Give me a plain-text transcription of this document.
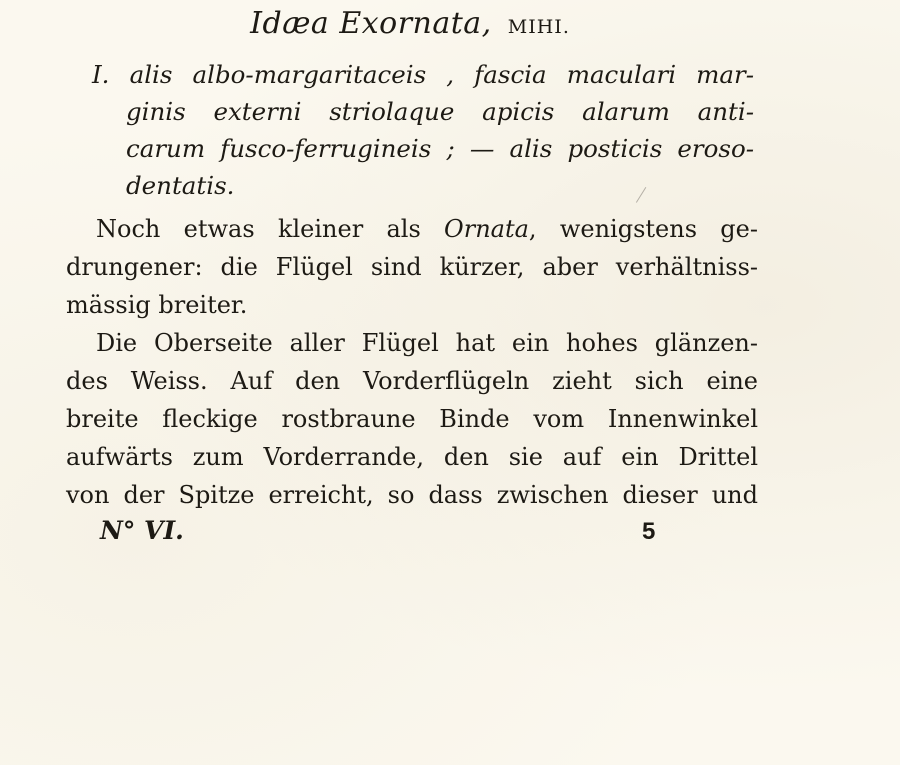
Idæa Exornata, MIHI.
I. alis albo-margaritaceis , fascia maculari mar-
ginis externi striolaque apicis alarum anti-
carum fusco-ferrugineis ; — alis posticis eroso-
dentatis.
Noch etwas kleiner als Ornata, wenigstens ge-
drungener: die Flügel sind kürzer, aber verhältniss-
mässig breiter.
Die Oberseite aller Flügel hat ein hohes glänzen-
des Weiss. Auf den Vorderflügeln zieht sich eine
breite fleckige rostbraune Binde vom Innenwinkel
aufwärts zum Vorderrande, den sie auf ein Drittel
von der Spitze erreicht, so dass zwischen dieser und
N° VI.	5
